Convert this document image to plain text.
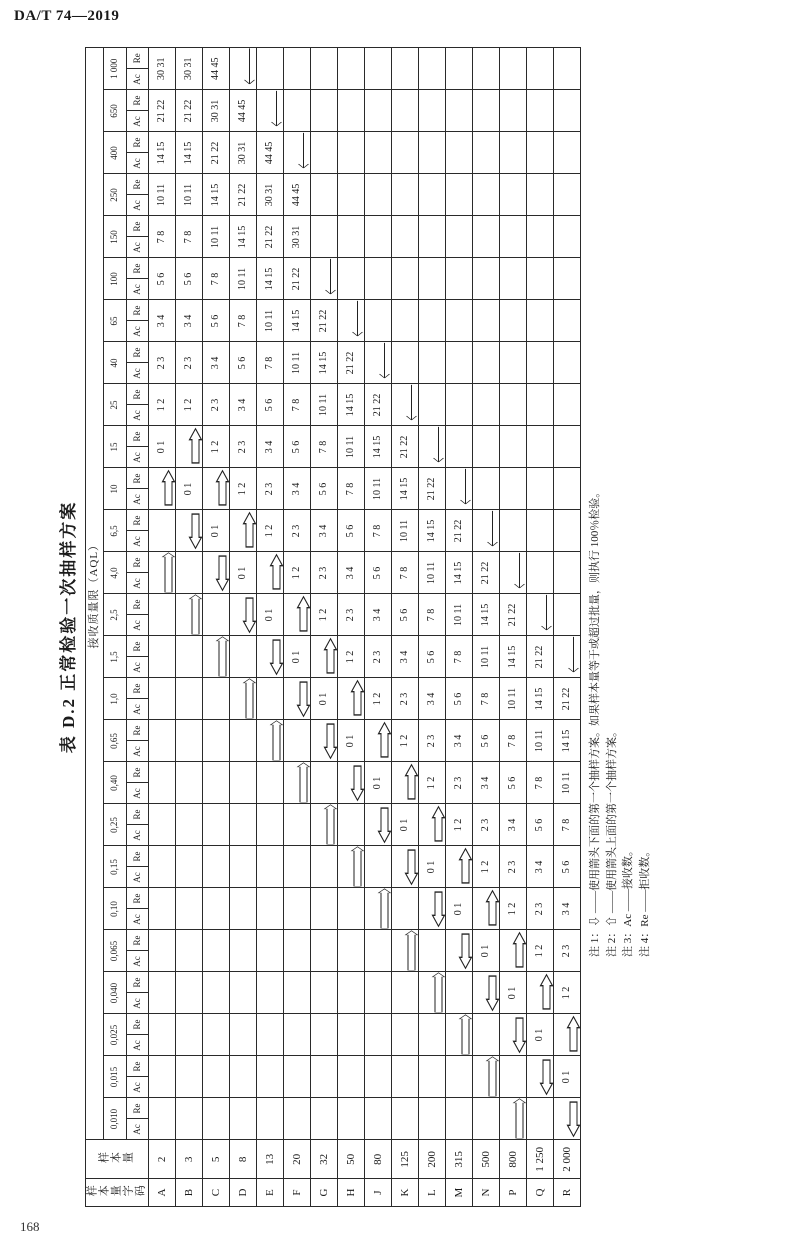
DA/T 74—2019
168
表 D.2 正常检验一次抽样方案
样本量字码	样本量	接收质量限（AQL）																																																			
		0,010		0,015		0,025		0,040		0,065		0,10		0,15		0,25		0,40		0,65		1,0		1,5		2,5		4,0		6,5		10		15		25		40		65		100		150		250		400		650		1 000	
		Ac	Re	Ac	Re	Ac	Re	Ac	Re	Ac	Re	Ac	Re	Ac	Re	Ac	Re	Ac	Re	Ac	Re	Ac	Re	Ac	Re	Ac	Re	Ac	Re	Ac	Re	Ac	Re	Ac	Re	Ac	Re	Ac	Re	Ac	Re	Ac	Re	Ac	Re	Ac	Re	Ac	Re	Ac	Re	Ac	Re
A	2																																	0 1		1 2		2 3		3 4		5 6		7 8		10 11		14 15		21 22		30 31	
B	3																															0 1				1 2		2 3		3 4		5 6		7 8		10 11		14 15		21 22		30 31	
C	5																													0 1				1 2		2 3		3 4		5 6		7 8		10 11		14 15		21 22		30 31		44 45	
D	8																											0 1				1 2		2 3		3 4		5 6		7 8		10 11		14 15		21 22		30 31		44 45	

E	13																									0 1				1 2		2 3		3 4		5 6		7 8		10 11		14 15		21 22		30 31		44 45	

F	20																							0 1				1 2		2 3		3 4		5 6		7 8		10 11		14 15		21 22		30 31		44 45	

G	32																					0 1				1 2		2 3		3 4		5 6		7 8		10 11		14 15		21 22	

H	50																			0 1				1 2		2 3		3 4		5 6		7 8		10 11		14 15		21 22	

J	80																	0 1				1 2		2 3		3 4		5 6		7 8		10 11		14 15		21 22	

K	125															0 1				1 2		2 3		3 4		5 6		7 8		10 11		14 15		21 22	

L	200													0 1				1 2		2 3		3 4		5 6		7 8		10 11		14 15		21 22	

M	315											0 1				1 2		2 3		3 4		5 6		7 8		10 11		14 15		21 22	

N	500									0 1				1 2		2 3		3 4		5 6		7 8		10 11		14 15		21 22	

P	800							0 1				1 2		2 3		3 4		5 6		7 8		10 11		14 15		21 22	

Q	1 250					0 1				1 2		2 3		3 4		5 6		7 8		10 11		14 15		21 22	

R	2 000			0 1				1 2		2 3		3 4		5 6		7 8		10 11		14 15		21 22	
														注 1：⇩ ——使用箭头下面的第一个抽样方案。如果样本量等于或超过批量，则执行 100％检验。 注 2：⇧ ——使用箭头上面的第一个抽样方案。 注 3：Ac ——接收数。 注 4：Re ——拒收数。
